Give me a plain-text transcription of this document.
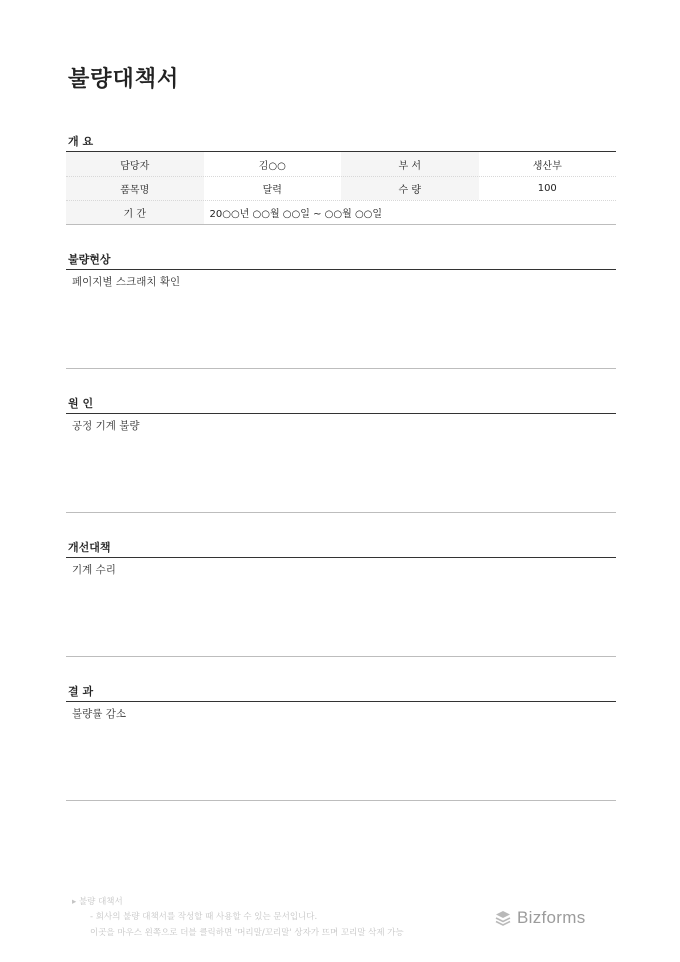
불량대책서
개 요
담당자	김○○	부 서	생산부
품목명	달력	수 량	100
기 간	20○○년 ○○월 ○○일 ~ ○○월 ○○일		
불량현상
페이지별 스크래치 확인
원 인
공정 기계 불량
개선대책
기계 수리
결 과
불량률 감소
▸ 불량 대책서
- 회사의 불량 대책서를 작성할 때 사용할 수 있는 문서입니다.
이곳을 마우스 왼쪽으로 더블 클릭하면 '머리말/꼬리말' 상자가 뜨며 꼬리말 삭제 가능
Bizforms
